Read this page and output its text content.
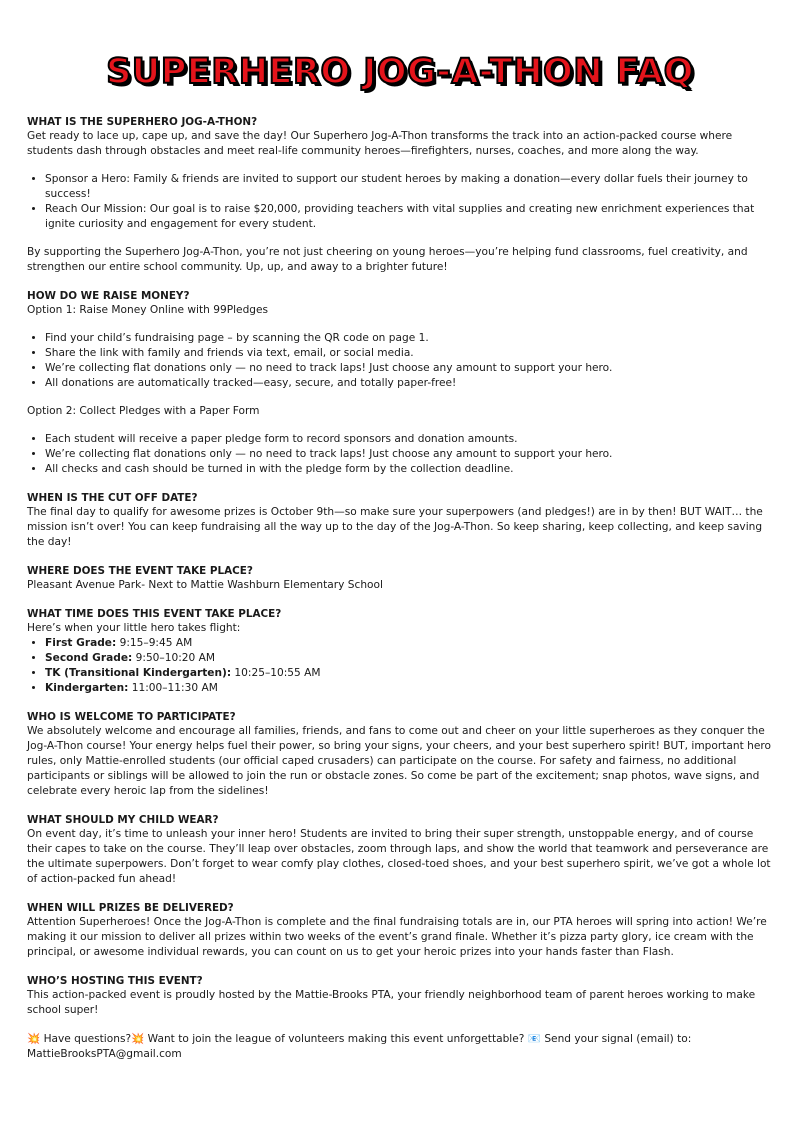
SUPERHERO JOG-A-THON FAQ
WHAT IS THE SUPERHERO JOG-A-THON?

Get ready to lace up, cape up, and save the day! Our Superhero Jog-A-Thon transforms the track into an action-packed course where students dash through obstacles and meet real-life community heroes—firefighters, nurses, coaches, and more along the way.

• Sponsor a Hero: Family & friends are invited to support our student heroes by making a donation—every dollar fuels their journey to success!
• Reach Our Mission: Our goal is to raise $20,000, providing teachers with vital supplies and creating new enrichment experiences that ignite curiosity and engagement for every student.

By supporting the Superhero Jog-A-Thon, you’re not just cheering on young heroes—you’re helping fund classrooms, fuel creativity, and strengthen our entire school community. Up, up, and away to a brighter future!

HOW DO WE RAISE MONEY?

Option 1: Raise Money Online with 99Pledges

• Find your child’s fundraising page – by scanning the QR code on page 1.
• Share the link with family and friends via text, email, or social media.
• We’re collecting flat donations only — no need to track laps! Just choose any amount to support your hero.
• All donations are automatically tracked—easy, secure, and totally paper-free!

Option 2: Collect Pledges with a Paper Form

• Each student will receive a paper pledge form to record sponsors and donation amounts.
• We’re collecting flat donations only — no need to track laps! Just choose any amount to support your hero.
• All checks and cash should be turned in with the pledge form by the collection deadline.
WHEN IS THE CUT OFF DATE?

The final day to qualify for awesome prizes is October 9th—so make sure your superpowers (and pledges!) are in by then! BUT WAIT… the mission isn’t over! You can keep fundraising all the way up to the day of the Jog-A-Thon. So keep sharing, keep collecting, and keep saving the day!

WHERE DOES THE EVENT TAKE PLACE?

Pleasant Avenue Park- Next to Mattie Washburn Elementary School

WHAT TIME DOES THIS EVENT TAKE PLACE?

Here’s when your little hero takes flight:

• First Grade: 9:15–9:45 AM
• Second Grade: 9:50–10:20 AM
• TK (Transitional Kindergarten): 10:25–10:55 AM
• Kindergarten: 11:00–11:30 AM
WHO IS WELCOME TO PARTICIPATE?

We absolutely welcome and encourage all families, friends, and fans to come out and cheer on your little superheroes as they conquer the Jog-A-Thon course! Your energy helps fuel their power, so bring your signs, your cheers, and your best superhero spirit! BUT, important hero rules, only Mattie-enrolled students (our official caped crusaders) can participate on the course. For safety and fairness, no additional participants or siblings will be allowed to join the run or obstacle zones. So come be part of the excitement; snap photos, wave signs, and celebrate every heroic lap from the sidelines!

WHAT SHOULD MY CHILD WEAR?

On event day, it’s time to unleash your inner hero! Students are invited to bring their super strength, unstoppable energy, and of course their capes to take on the course. They’ll leap over obstacles, zoom through laps, and show the world that teamwork and perseverance are the ultimate superpowers. Don’t forget to wear comfy play clothes, closed-toed shoes, and your best superhero spirit, we’ve got a whole lot of action-packed fun ahead!

WHEN WILL PRIZES BE DELIVERED?

Attention Superheroes! Once the Jog-A-Thon is complete and the final fundraising totals are in, our PTA heroes will spring into action! We’re making it our mission to deliver all prizes within two weeks of the event’s grand finale. Whether it’s pizza party glory, ice cream with the principal, or awesome individual rewards, you can count on us to get your heroic prizes into your hands faster than Flash.

WHO’S HOSTING THIS EVENT?

This action-packed event is proudly hosted by the Mattie-Brooks PTA, your friendly neighborhood team of parent heroes working to make school super!

💥 Have questions?💥 Want to join the league of volunteers making this event unforgettable? 📧 Send your signal (email) to: MattieBrooksPTA@gmail.com
